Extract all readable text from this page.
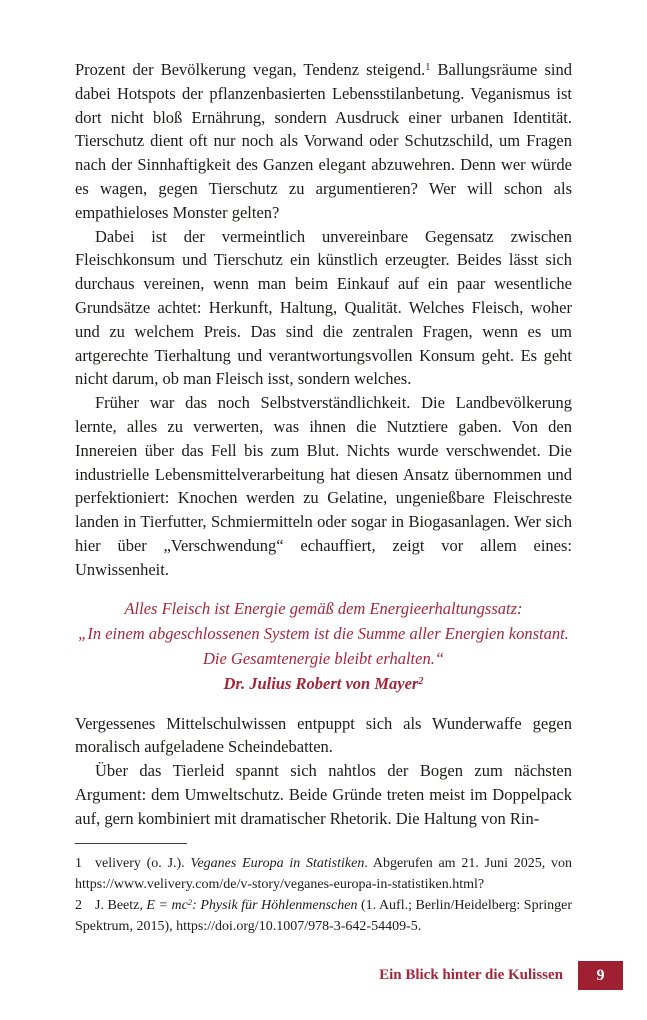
Prozent der Bevölkerung vegan, Tendenz steigend.$^1$ Ballungsräume sind dabei Hotspots der pflanzenbasierten Lebensstilanbetung. Veganismus ist dort nicht bloß Ernährung, sondern Ausdruck einer urbanen Identität. Tierschutz dient oft nur noch als Vorwand oder Schutzschild, um Fragen nach der Sinnhaftigkeit des Ganzen elegant abzuwehren. Denn wer würde es wagen, gegen Tierschutz zu argumentieren? Wer will schon als empathieloses Monster gelten?

Dabei ist der vermeintlich unvereinbare Gegensatz zwischen Fleischkonsum und Tierschutz ein künstlich erzeugter. Beides lässt sich durchaus vereinen, wenn man beim Einkauf auf ein paar wesentliche Grundsätze achtet: Herkunft, Haltung, Qualität. Welches Fleisch, woher und zu welchem Preis. Das sind die zentralen Fragen, wenn es um artgerechte Tierhaltung und verantwortungsvollen Konsum geht. Es geht nicht darum, ob man Fleisch isst, sondern welches.

Früher war das noch Selbstverständlichkeit. Die Landbevölkerung lernte, alles zu verwerten, was ihnen die Nutztiere gaben. Von den Innereien über das Fell bis zum Blut. Nichts wurde verschwendet. Die industrielle Lebensmittelverarbeitung hat diesen Ansatz übernommen und perfektioniert: Knochen werden zu Gelatine, ungenießbare Fleischreste landen in Tierfutter, Schmiermitteln oder sogar in Biogasanlagen. Wer sich hier über „Verschwendung“ echauffiert, zeigt vor allem eines: Unwissenheit.

Alles Fleisch ist Energie gemäß dem Energieerhaltungssatz:

„In einem abgeschlossenen System ist die Summe aller Energien konstant. Die Gesamtenergie bleibt erhalten.“

Dr. Julius Robert von Mayer$^2$

Vergessenes Mittelschulwissen entpuppt sich als Wunderwaffe gegen moralisch aufgeladene Scheindebatten.

Über das Tierleid spannt sich nahtlos der Bogen zum nächsten Argument: dem Umweltschutz. Beide Gründe treten meist im Doppelpack auf, gern kombiniert mit dramatischer Rhetorik. Die Haltung von Rin-

1 velivery (o. J.). Veganes Europa in Statistiken. Abgerufen am 21. Juni 2025, von https://www.velivery.com/de/v-story/veganes-europa-in-statistiken.html?

2 J. Beetz, $E = mc^2$: Physik für Höhlenmenschen (1. Aufl.; Berlin/Heidelberg: Springer Spektrum, 2015), https://doi.org/10.1007/978-3-642-54409-5.

Ein Blick hinter die Kulissen	9
